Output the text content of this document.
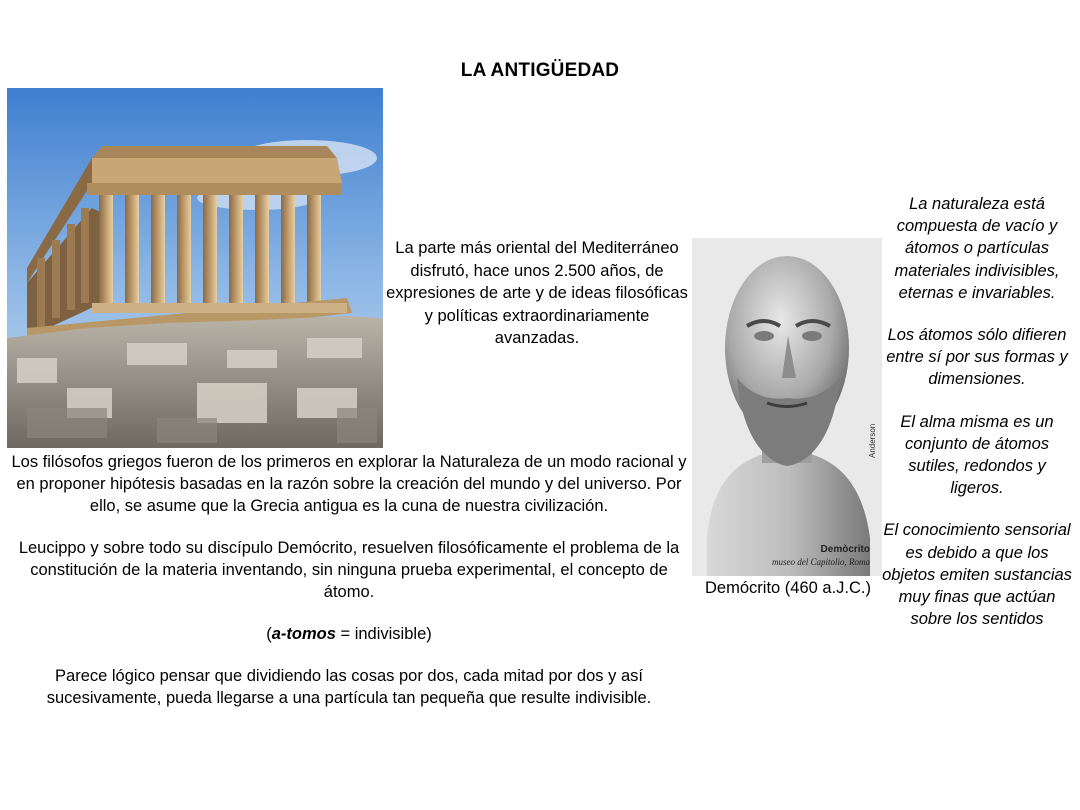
LA ANTIGÜEDAD
Demòcrito
museo del Capitolio, Roma
Anderson
La parte más oriental del Mediterráneo disfrutó, hace unos 2.500 años, de expresiones de arte y de ideas filosóficas y políticas extraordinariamente avanzadas.

Los filósofos griegos fueron de los primeros en explorar la Naturaleza de un modo racional y en proponer hipótesis basadas en la razón sobre la creación del mundo y del universo. Por ello, se asume que la Grecia antigua es la cuna de nuestra civilización.

Leucippo y sobre todo su discípulo Demócrito, resuelven filosóficamente el problema de la constitución de la materia inventando, sin ninguna prueba experimental, el concepto de átomo.

(a-tomos = indivisible)

Parece lógico pensar que dividiendo las cosas por dos, cada mitad por dos y así sucesivamente, pueda llegarse a una partícula tan pequeña que resulte indivisible.

Demócrito (460 a.J.C.)

La naturaleza está compuesta de vacío y átomos o partículas materiales indivisibles, eternas e invariables.

Los átomos sólo difieren entre sí por sus formas y dimensiones.

El alma misma es un conjunto de átomos sutiles, redondos y ligeros.

El conocimiento sensorial es debido a que los objetos emiten sustancias muy finas que actúan sobre los sentidos
